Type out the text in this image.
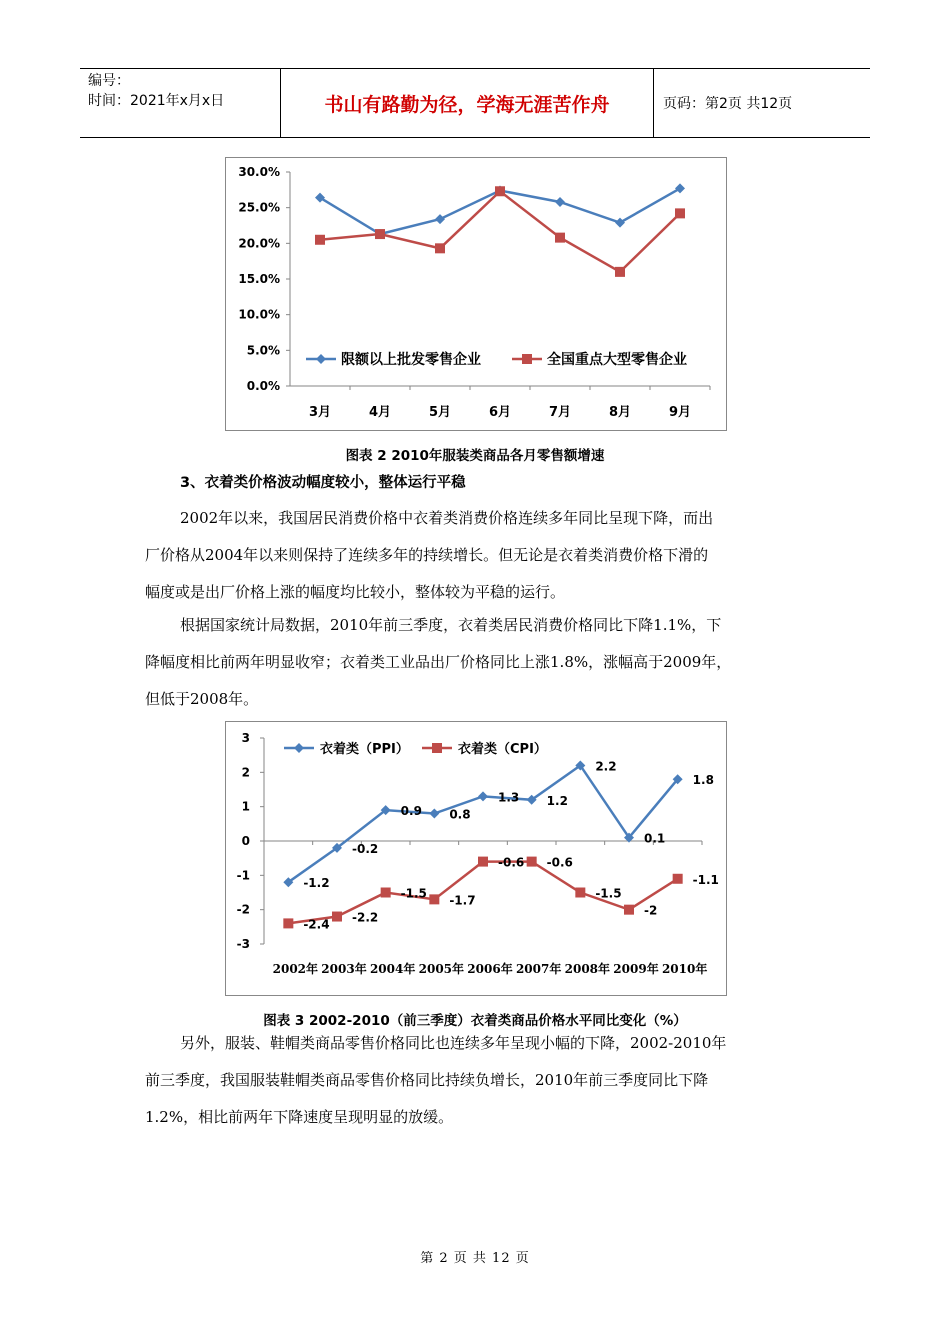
编号：
时间：2021年x月x日	书山有路勤为径，学海无涯苦作舟	页码：第2页 共12页
0.0%
5.0%
10.0%
15.0%
20.0%
25.0%
30.0%
3月	4月	5月	6月	7月	8月	9月
限额以上批发零售企业	全国重点大型零售企业
图表 2 2010年服装类商品各月零售额增速
3、衣着类价格波动幅度较小，整体运行平稳
2002年以来，我国居民消费价格中衣着类消费价格连续多年同比呈现下降，而出
厂价格从2004年以来则保持了连续多年的持续增长。但无论是衣着类消费价格下滑的
幅度或是出厂价格上涨的幅度均比较小，整体较为平稳的运行。
根据国家统计局数据，2010年前三季度，衣着类居民消费价格同比下降1.1%，下
降幅度相比前两年明显收窄；衣着类工业品出厂价格同比上涨1.8%，涨幅高于2009年，
但低于2008年。
-3
-2
-1
0
1
2
3
2002年 2003年 2004年 2005年 2006年 2007年 2008年 2009年 2010年
-1.2
-0.2
0.9 0.8
1.3 1.2
2.2
0.1
1.8
-2.4 -2.2
-1.5 -1.7
-0.6 -0.6
-1.5
-2
-1.1
衣着类（PPI）	衣着类（CPI）
图表 3 2002-2010（前三季度）衣着类商品价格水平同比变化（%）
另外，服装、鞋帽类商品零售价格同比也连续多年呈现小幅的下降，2002-2010年
前三季度，我国服装鞋帽类商品零售价格同比持续负增长，2010年前三季度同比下降
1.2%，相比前两年下降速度呈现明显的放缓。
第 2 页 共 12 页
